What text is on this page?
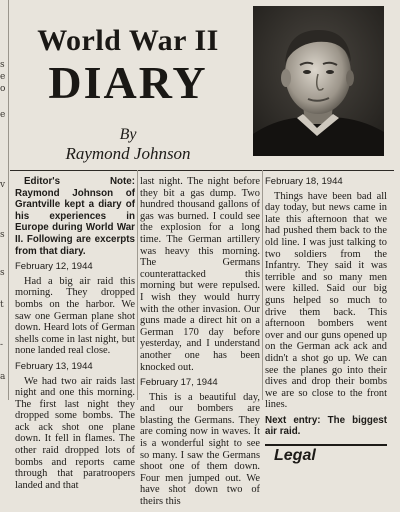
s
e
o
e
v
s
s
t
-
a
World War II
DIARY
By
Raymond Johnson

Editor's Note: Raymond Johnson of Grantville kept a diary of his experiences in Europe during World War II. Following are excerpts from that diary.

February 12, 1944

Had a big air raid this morning. They dropped bombs on the harbor. We saw one German plane shot down. Heard lots of German shells come in last night, but none landed real close.

February 13, 1944

We had two air raids last night and one this morning. The first last night they dropped some bombs. The ack ack shot one plane down. It fell in flames. The other raid dropped lots of bombs and reports came through that paratroopers landed and that

last night. The night before they bit a gas dump. Two hundred thousand gallons of gas was burned. I could see the explosion for a long time. The German artillery was heavy this morning. The Germans counterattacked this morning but were repulsed. I wish they would hurry with the other invasion. Our guns made a direct hit on a German 170 day before yesterday, and I understand another one has been knocked out.

February 17, 1944

This is a beautiful day, and our bombers are blasting the Germans. They are coming now in waves. It is a wonderful sight to see so many. I saw the Germans shoot one of them down. Four men jumped out. We have shot down two of theirs this

February 18, 1944

Things have been bad all day today, but news came in late this afternoon that we had pushed them back to the old line. I was just talking to two soldiers from the Infantry. They said it was terrible and so many men were killed. Said our big guns helped so much to drive them back. This afternoon bombers went over and our guns opened up on the German ack ack and didn't a shot go up. We can see the planes go into their dives and drop their bombs we are so close to the front lines.

Next entry: The biggest air raid.

Legal
